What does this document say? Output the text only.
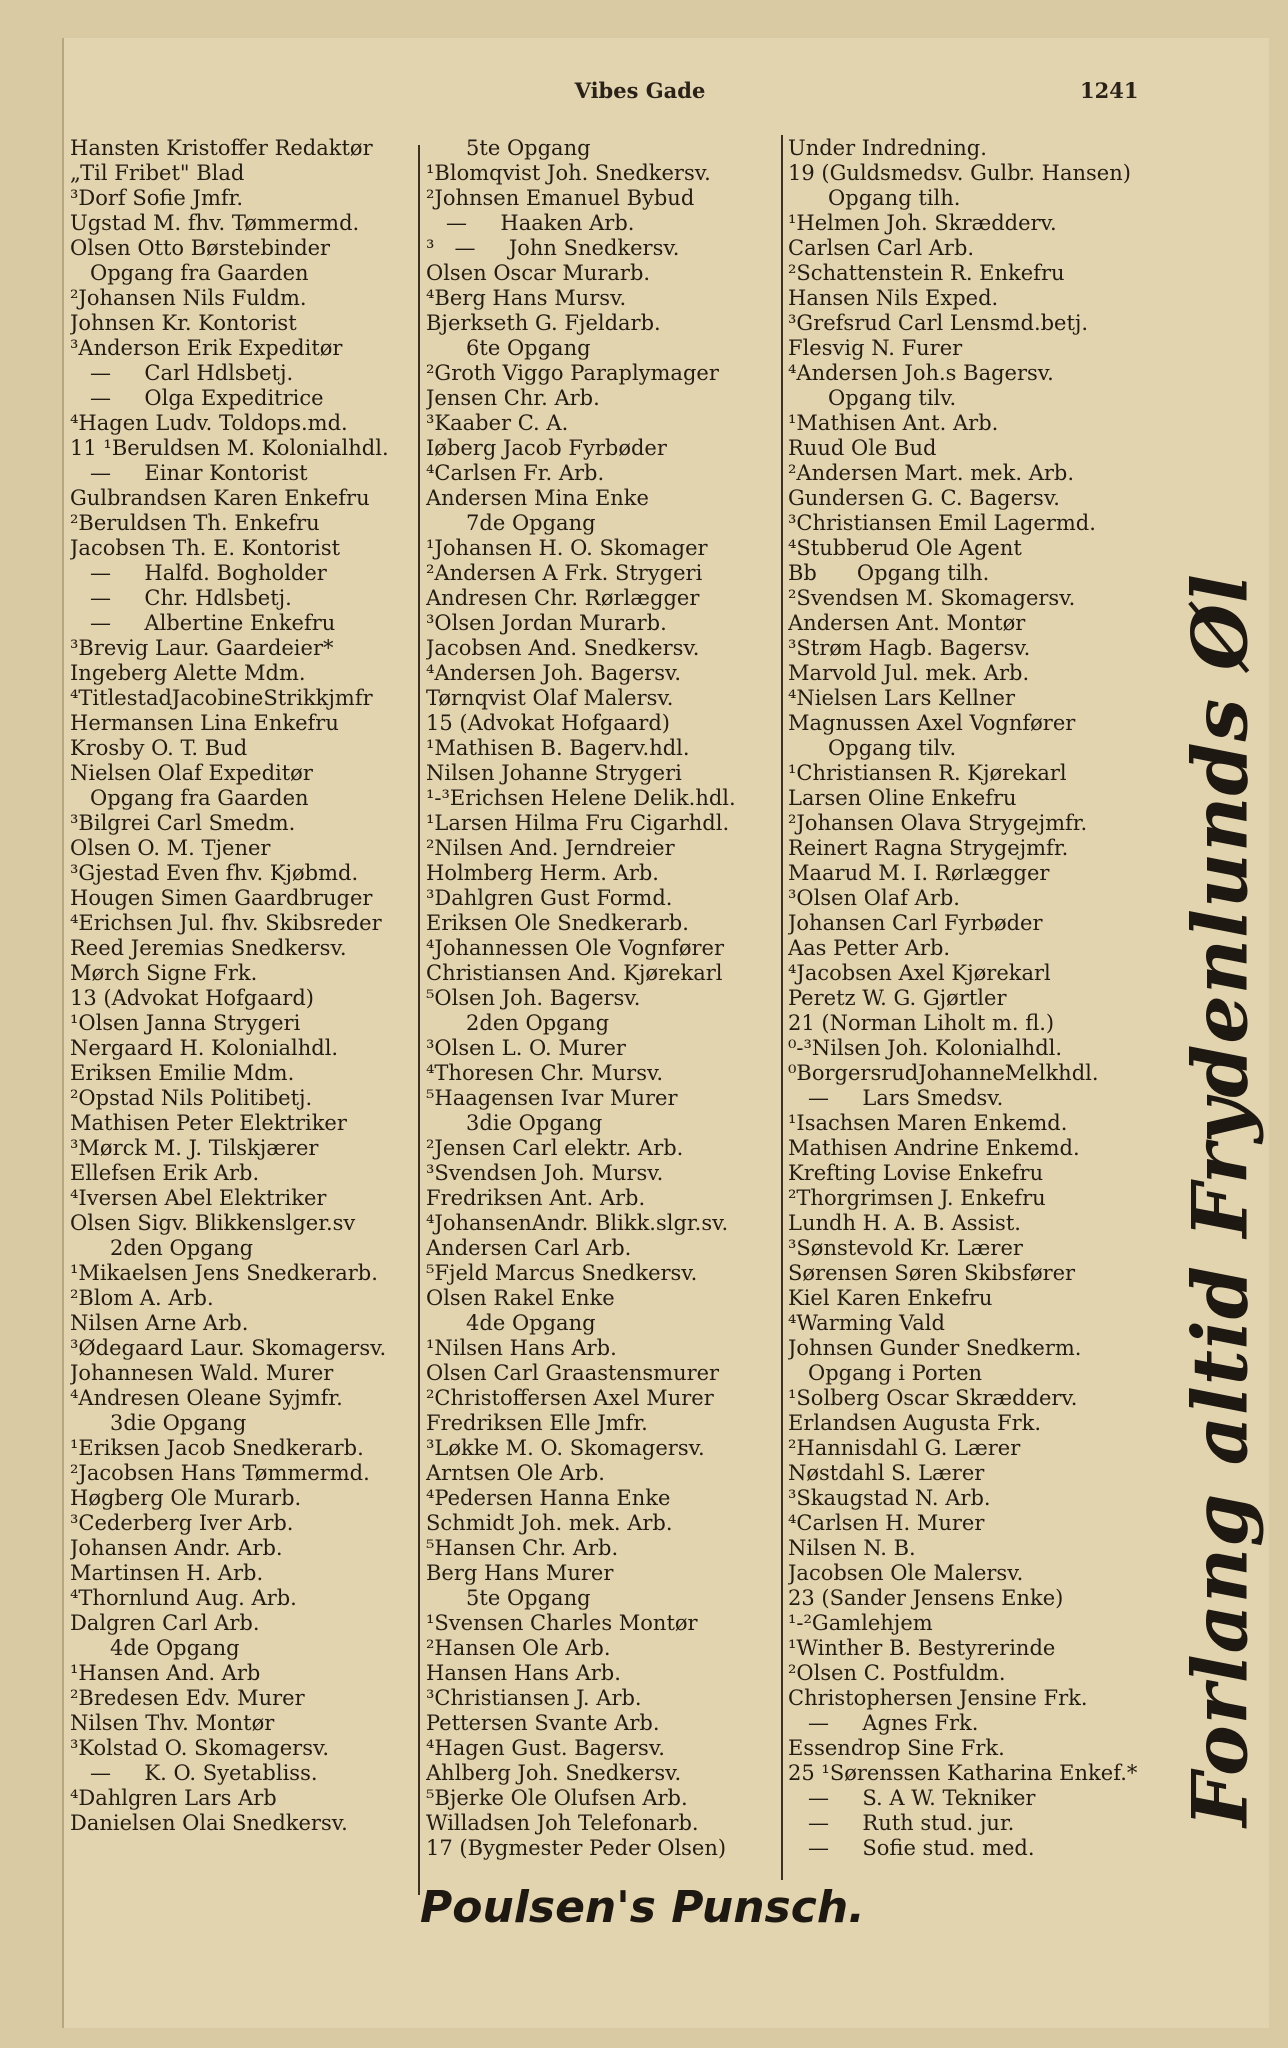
Vibes Gade	1241
Hansten Kristoffer Redaktør
„Til Fribet" Blad
³Dorf Sofie Jmfr.
Ugstad M. fhv. Tømmermd.
Olsen Otto Børstebinder
Opgang fra Gaarden
²Johansen Nils Fuldm.
Johnsen Kr. Kontorist
³Anderson Erik Expeditør
—     Carl Hdlsbetj.
—     Olga Expeditrice
⁴Hagen Ludv. Toldops.md.
11 ¹Beruldsen M. Kolonialhdl.
—     Einar Kontorist
Gulbrandsen Karen Enkefru
²Beruldsen Th. Enkefru
Jacobsen Th. E. Kontorist
—     Halfd. Bogholder
—     Chr. Hdlsbetj.
—     Albertine Enkefru
³Brevig Laur. Gaardeier*
Ingeberg Alette Mdm.
⁴TitlestadJacobineStrikkjmfr
Hermansen Lina Enkefru
Krosby O. T. Bud
Nielsen Olaf Expeditør
Opgang fra Gaarden
³Bilgrei Carl Smedm.
Olsen O. M. Tjener
³Gjestad Even fhv. Kjøbmd.
Hougen Simen Gaardbruger
⁴Erichsen Jul. fhv. Skibsreder
Reed Jeremias Snedkersv.
Mørch Signe Frk.
13 (Advokat Hofgaard)
¹Olsen Janna Strygeri
Nergaard H. Kolonialhdl.
Eriksen Emilie Mdm.
²Opstad Nils Politibetj.
Mathisen Peter Elektriker
³Mørck M. J. Tilskjærer
Ellefsen Erik Arb.
⁴Iversen Abel Elektriker
Olsen Sigv. Blikkenslger.sv
2den Opgang
¹Mikaelsen Jens Snedkerarb.
²Blom A. Arb.
Nilsen Arne Arb.
³Ødegaard Laur. Skomagersv.
Johannesen Wald. Murer
⁴Andresen Oleane Syjmfr.
3die Opgang
¹Eriksen Jacob Snedkerarb.
²Jacobsen Hans Tømmermd.
Høgberg Ole Murarb.
³Cederberg Iver Arb.
Johansen Andr. Arb.
Martinsen H. Arb.
⁴Thornlund Aug. Arb.
Dalgren Carl Arb.
4de Opgang
¹Hansen And. Arb
²Bredesen Edv. Murer
Nilsen Thv. Montør
³Kolstad O. Skomagersv.
—     K. O. Syetabliss.
⁴Dahlgren Lars Arb
Danielsen Olai Snedkersv.
5te Opgang
¹Blomqvist Joh. Snedkersv.
²Johnsen Emanuel Bybud
—     Haaken Arb.
³   —     John Snedkersv.
Olsen Oscar Murarb.
⁴Berg Hans Mursv.
Bjerkseth G. Fjeldarb.
6te Opgang
²Groth Viggo Paraplymager
Jensen Chr. Arb.
³Kaaber C. A.
Iøberg Jacob Fyrbøder
⁴Carlsen Fr. Arb.
Andersen Mina Enke
7de Opgang
¹Johansen H. O. Skomager
²Andersen A Frk. Strygeri
Andresen Chr. Rørlægger
³Olsen Jordan Murarb.
Jacobsen And. Snedkersv.
⁴Andersen Joh. Bagersv.
Tørnqvist Olaf Malersv.
15 (Advokat Hofgaard)
¹Mathisen B. Bagerv.hdl.
Nilsen Johanne Strygeri
¹-³Erichsen Helene Delik.hdl.
¹Larsen Hilma Fru Cigarhdl.
²Nilsen And. Jerndreier
Holmberg Herm. Arb.
³Dahlgren Gust Formd.
Eriksen Ole Snedkerarb.
⁴Johannessen Ole Vognfører
Christiansen And. Kjørekarl
⁵Olsen Joh. Bagersv.
2den Opgang
³Olsen L. O. Murer
⁴Thoresen Chr. Mursv.
⁵Haagensen Ivar Murer
3die Opgang
²Jensen Carl elektr. Arb.
³Svendsen Joh. Mursv.
Fredriksen Ant. Arb.
⁴JohansenAndr. Blikk.slgr.sv.
Andersen Carl Arb.
⁵Fjeld Marcus Snedkersv.
Olsen Rakel Enke
4de Opgang
¹Nilsen Hans Arb.
Olsen Carl Graastensmurer
²Christoffersen Axel Murer
Fredriksen Elle Jmfr.
³Løkke M. O. Skomagersv.
Arntsen Ole Arb.
⁴Pedersen Hanna Enke
Schmidt Joh. mek. Arb.
⁵Hansen Chr. Arb.
Berg Hans Murer
5te Opgang
¹Svensen Charles Montør
²Hansen Ole Arb.
Hansen Hans Arb.
³Christiansen J. Arb.
Pettersen Svante Arb.
⁴Hagen Gust. Bagersv.
Ahlberg Joh. Snedkersv.
⁵Bjerke Ole Olufsen Arb.
Willadsen Joh Telefonarb.
17 (Bygmester Peder Olsen)
Under Indredning.
19 (Guldsmedsv. Gulbr. Hansen)
Opgang tilh.
¹Helmen Joh. Skrædderv.
Carlsen Carl Arb.
²Schattenstein R. Enkefru
Hansen Nils Exped.
³Grefsrud Carl Lensmd.betj.
Flesvig N. Furer
⁴Andersen Joh.s Bagersv.
Opgang tilv.
¹Mathisen Ant. Arb.
Ruud Ole Bud
²Andersen Mart. mek. Arb.
Gundersen G. C. Bagersv.
³Christiansen Emil Lagermd.
⁴Stubberud Ole Agent
Bb      Opgang tilh.
²Svendsen M. Skomagersv.
Andersen Ant. Montør
³Strøm Hagb. Bagersv.
Marvold Jul. mek. Arb.
⁴Nielsen Lars Kellner
Magnussen Axel Vognfører
Opgang tilv.
¹Christiansen R. Kjørekarl
Larsen Oline Enkefru
²Johansen Olava Strygejmfr.
Reinert Ragna Strygejmfr.
Maarud M. I. Rørlægger
³Olsen Olaf Arb.
Johansen Carl Fyrbøder
Aas Petter Arb.
⁴Jacobsen Axel Kjørekarl
Peretz W. G. Gjørtler
21 (Norman Liholt m. fl.)
⁰-³Nilsen Joh. Kolonialhdl.
⁰BorgersrudJohanneMelkhdl.
—     Lars Smedsv.
¹Isachsen Maren Enkemd.
Mathisen Andrine Enkemd.
Krefting Lovise Enkefru
²Thorgrimsen J. Enkefru
Lundh H. A. B. Assist.
³Sønstevold Kr. Lærer
Sørensen Søren Skibsfører
Kiel Karen Enkefru
⁴Warming Vald
Johnsen Gunder Snedkerm.
Opgang i Porten
¹Solberg Oscar Skrædderv.
Erlandsen Augusta Frk.
²Hannisdahl G. Lærer
Nøstdahl S. Lærer
³Skaugstad N. Arb.
⁴Carlsen H. Murer
Nilsen N. B.
Jacobsen Ole Malersv.
23 (Sander Jensens Enke)
¹-²Gamlehjem
¹Winther B. Bestyrerinde
²Olsen C. Postfuldm.
Christophersen Jensine Frk.
—     Agnes Frk.
Essendrop Sine Frk.
25 ¹Sørenssen Katharina Enkef.*
—     S. A W. Tekniker
—     Ruth stud. jur.
—     Sofie stud. med.
Forlang altid Frydenlunds Øl
Poulsen's Punsch.
